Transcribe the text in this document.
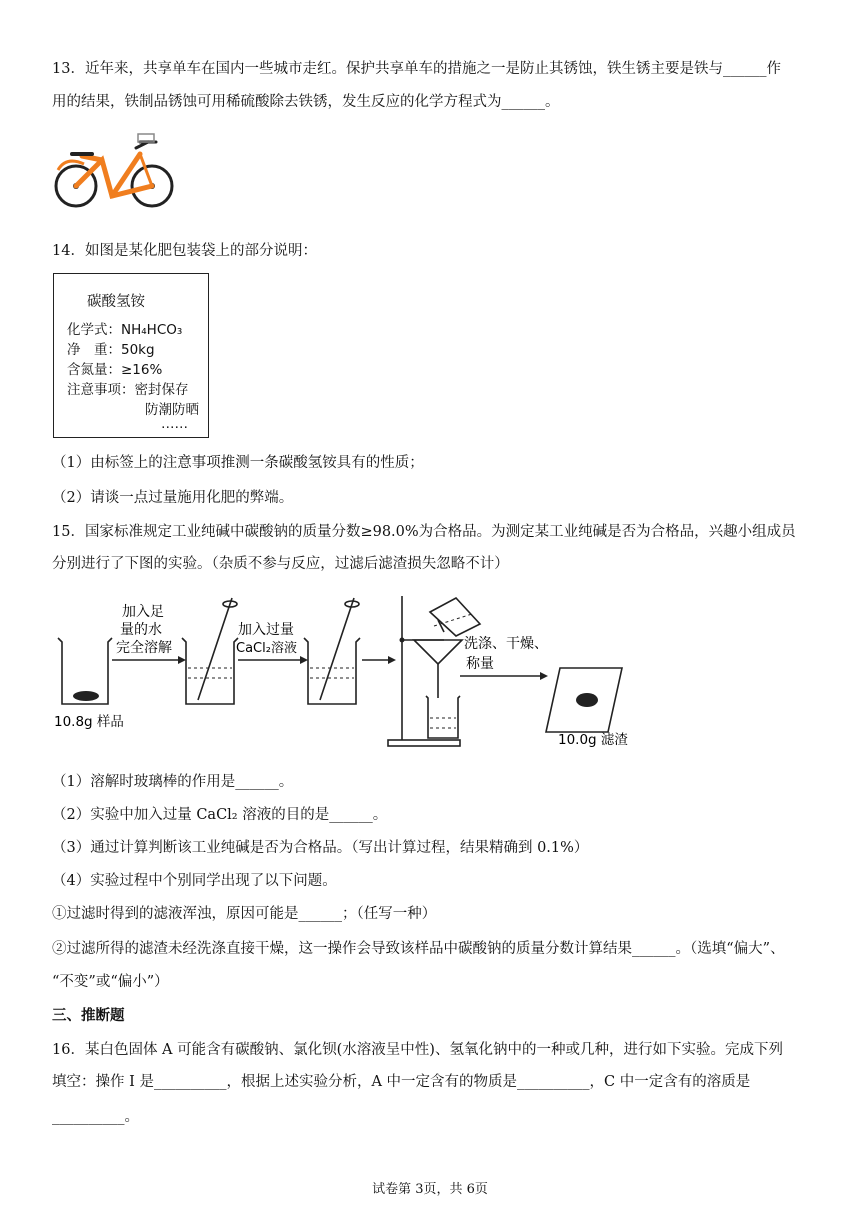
13．近年来，共享单车在国内一些城市走红。保护共享单车的措施之一是防止其锈蚀，铁生锈主要是铁与______作
用的结果，铁制品锈蚀可用稀硫酸除去铁锈，发生反应的化学方程式为______。
14．如图是某化肥包装袋上的部分说明：
碳酸氢铵
化学式：NH₄HCO₃
净　重：50kg
含氮量：≥16%
注意事项：密封保存
防潮防晒
……
（1）由标签上的注意事项推测一条碳酸氢铵具有的性质；
（2）请谈一点过量施用化肥的弊端。
15．国家标准规定工业纯碱中碳酸钠的质量分数≥98.0%为合格品。为测定某工业纯碱是否为合格品，兴趣小组成员
分别进行了下图的实验。（杂质不参与反应，过滤后滤渣损失忽略不计）
加入足
量的水
完全溶解
加入过量
CaCl₂溶液	洗涤、干燥、
称量
10.8g 样品
10.0g 滤渣
（1）溶解时玻璃棒的作用是______。
（2）实验中加入过量 CaCl₂ 溶液的目的是______。
（3）通过计算判断该工业纯碱是否为合格品。（写出计算过程，结果精确到 0.1%）
（4）实验过程中个别同学出现了以下问题。
①过滤时得到的滤液浑浊，原因可能是______；（任写一种）
②过滤所得的滤渣未经洗涤直接干燥，这一操作会导致该样品中碳酸钠的质量分数计算结果______。（选填“偏大”、
“不变”或“偏小”）
三、推断题
16．某白色固体 A 可能含有碳酸钠、氯化钡(水溶液呈中性)、氢氧化钠中的一种或几种，进行如下实验。完成下列
填空：操作 I 是__________，根据上述实验分析，A 中一定含有的物质是__________，C 中一定含有的溶质是
__________。
试卷第 3页，共 6页
